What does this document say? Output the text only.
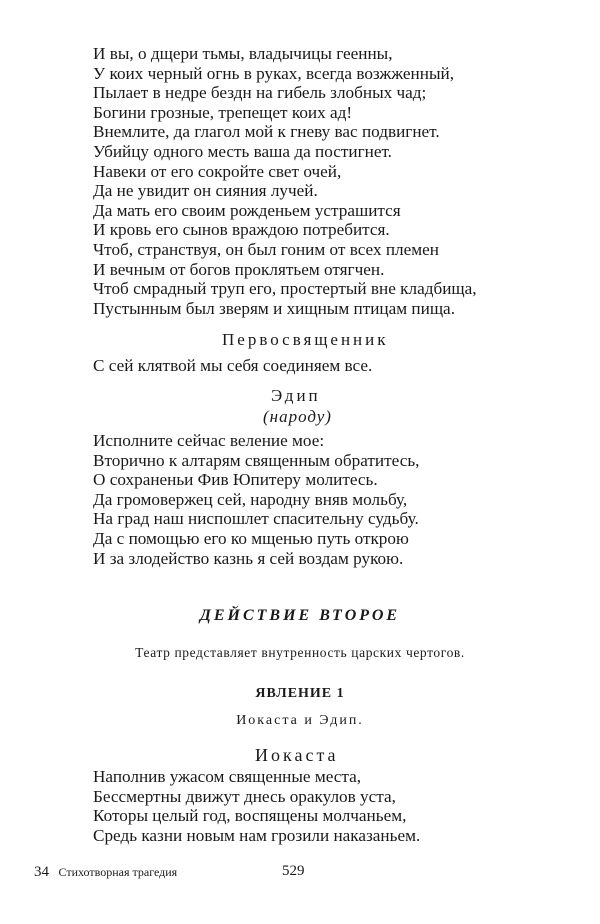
И вы, о дщери тьмы, владычицы геенны,
У коих черный огнь в руках, всегда возжженный,
Пылает в недре бездн на гибель злобных чад;
Богини грозные, трепещет коих ад!
Внемлите, да глагол мой к гневу вас подвигнет.
Убийцу одного месть ваша да постигнет.
Навеки от его сокройте свет очей,
Да не увидит он сияния лучей.
Да мать его своим рожденьем устрашится
И кровь его сынов враждою потребится.
Чтоб, странствуя, он был гоним от всех племен
И вечным от богов проклятьем отягчен.
Чтоб смрадный труп его, простертый вне кладбища,
Пустынным был зверям и хищным птицам пища.
Первосвященник
С сей клятвой мы себя соединяем все.
Эдип
(народу)
Исполните сейчас веление мое:
Вторично к алтарям священным обратитесь,
О сохраненьи Фив Юпитеру молитесь.
Да громовержец сей, народну вняв мольбу,
На град наш ниспошлет спасительну судьбу.
Да с помощью его ко мщенью путь открою
И за злодейство казнь я сей воздам рукою.
ДЕЙСТВИЕ ВТОРОЕ
Театр представляет внутренность царских чертогов.
ЯВЛЕНИЕ 1
Иокаста и Эдип.
Иокаста
Наполнив ужасом священные места,
Бессмертны движут днесь оракулов уста,
Которы целый год, воспящены молчаньем,
Средь казни новым нам грозили наказаньем.
34 Стихотворная трагедия	529
